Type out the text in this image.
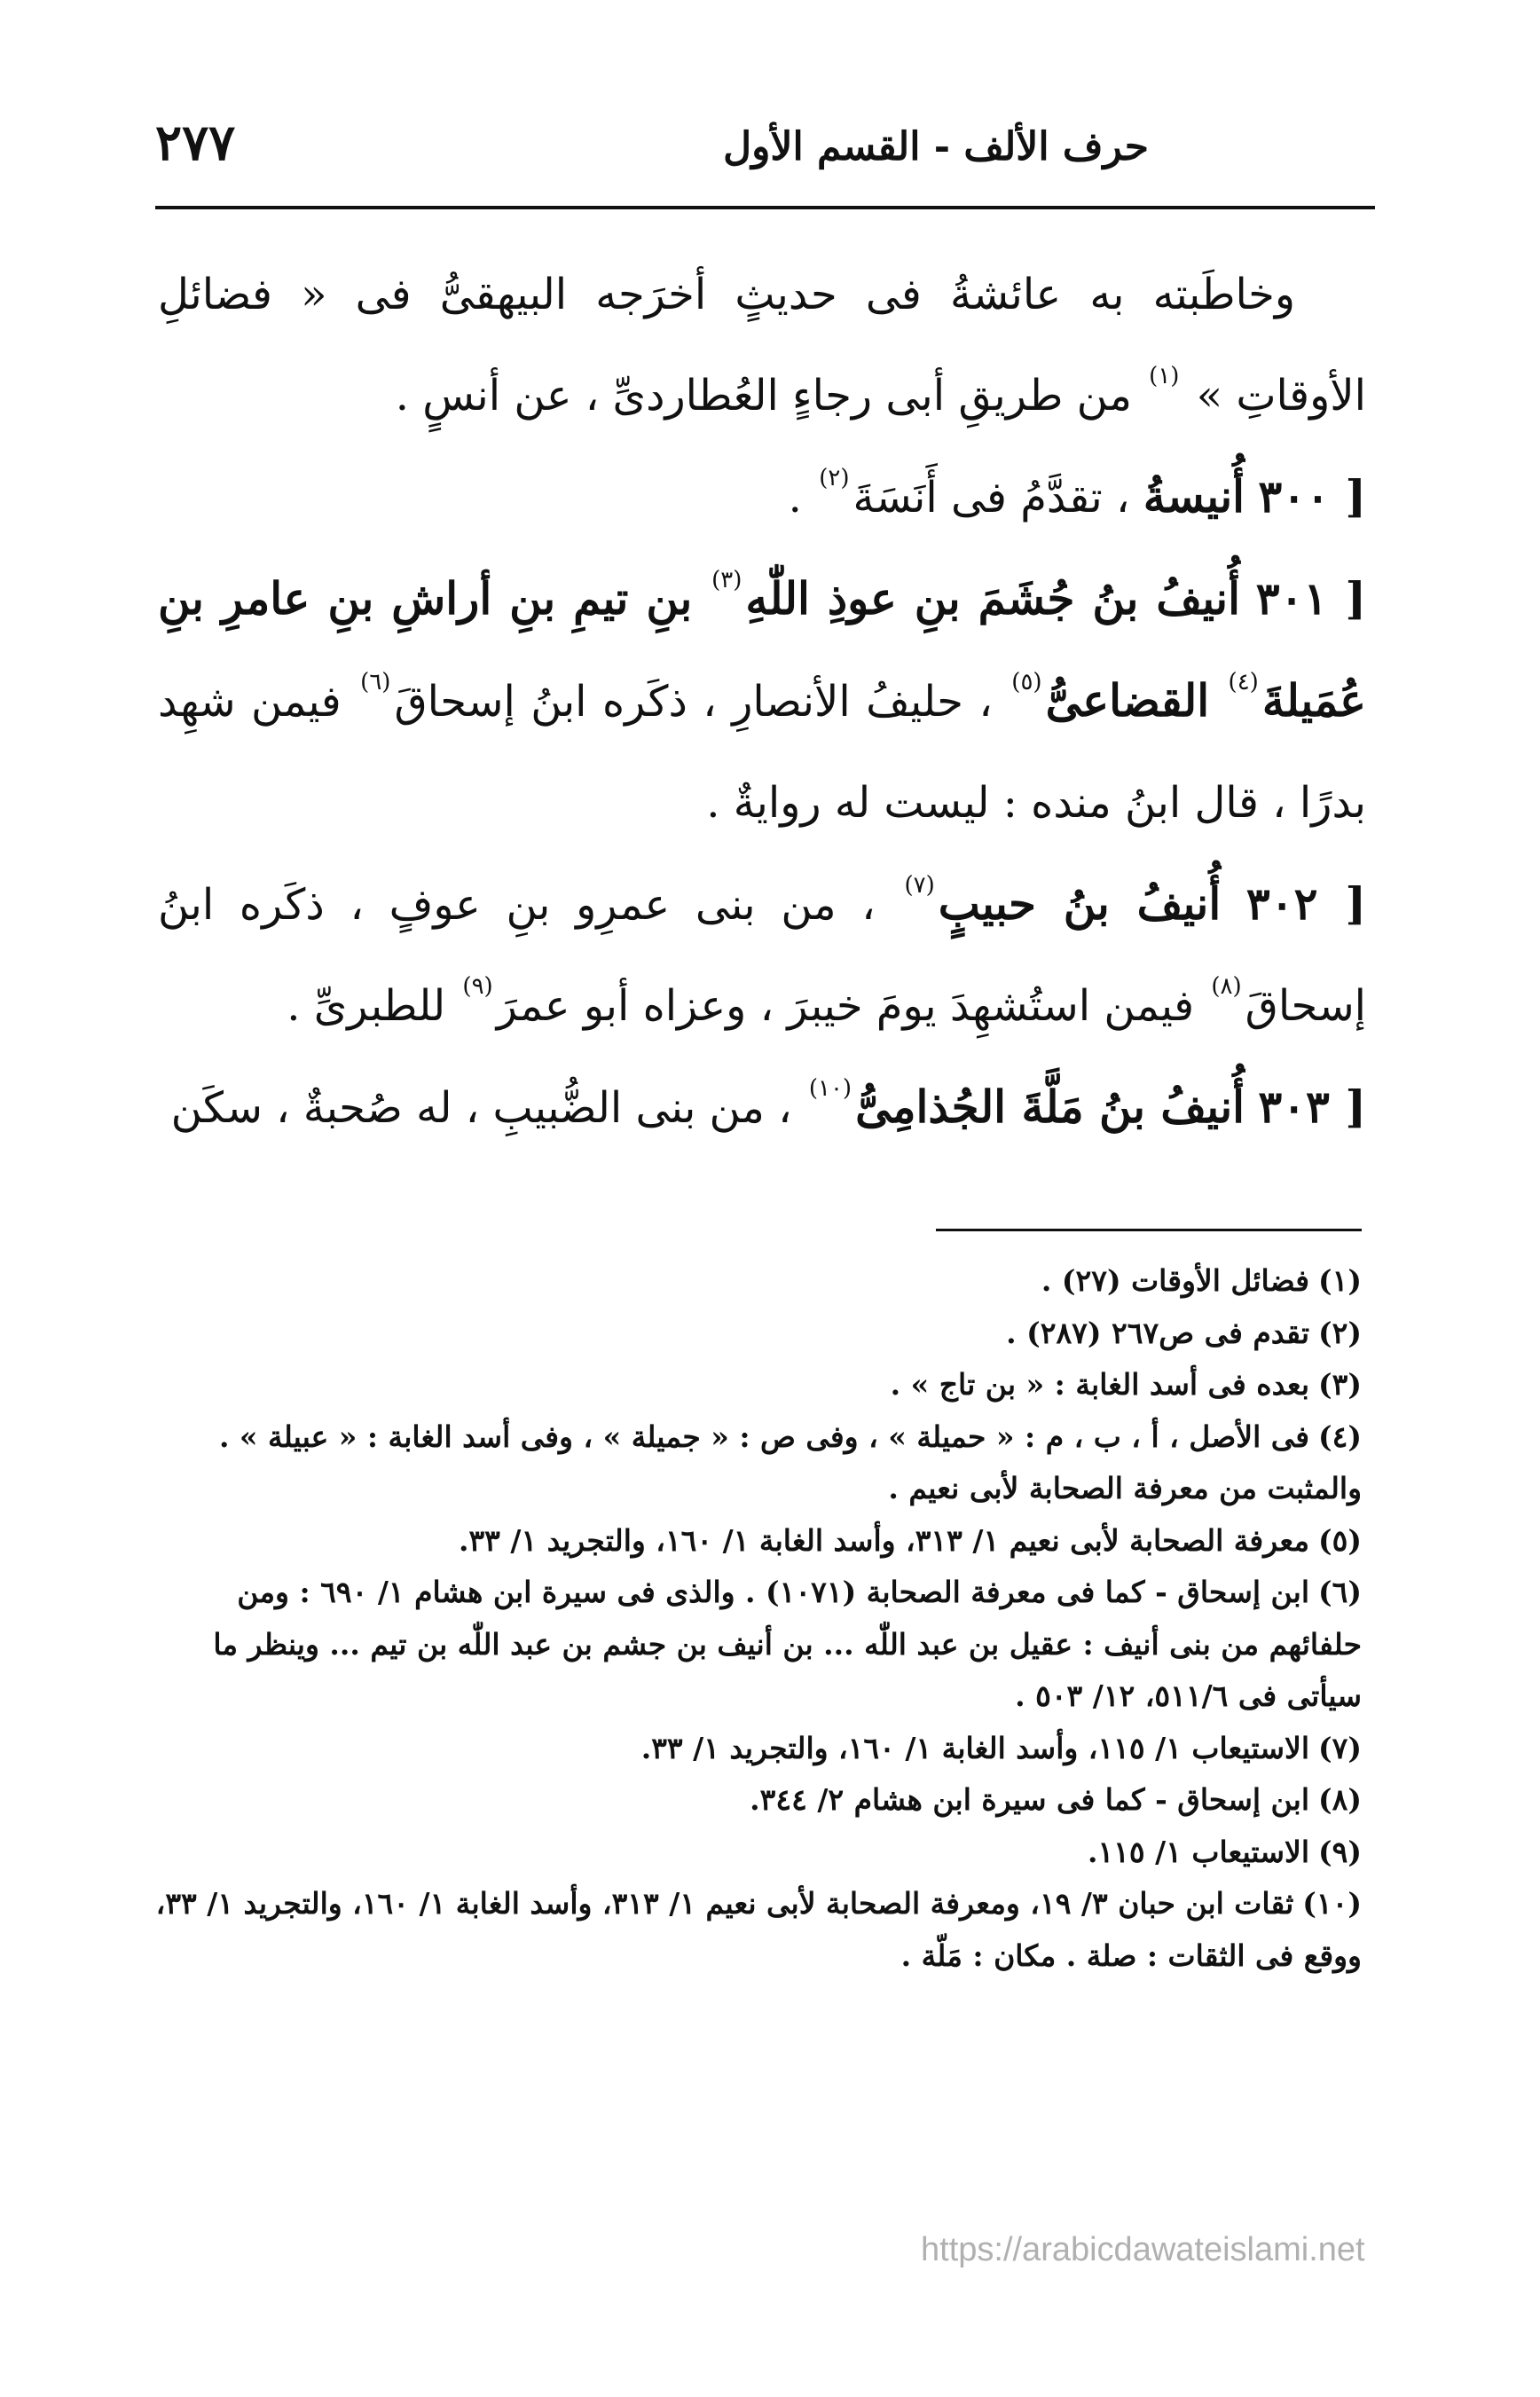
٢٧٧	حرف الألف - القسم الأول

وخاطَبته به عائشةُ فى حديثٍ أخرَجه البيهقىُّ فى « فضائلِ الأوقاتِ » $^{(١)}$ من طريقِ أبى رجاءٍ العُطاردىِّ ، عن أنسٍ .

[ ٣٠٠ أُنيسةُ ، تقدَّمُ فى أَنَسَةَ$^{(٢)}$ .

[ ٣٠١ أُنيفُ بنُ جُشَمَ بنِ عوذِ اللّٰهِ$^{(٣)}$ بنِ تيمِ بنِ أراشِ بنِ عامرِ بنِ عُمَيلةَ$^{(٤)}$ القضاعىُّ$^{(٥)}$ ، حليفُ الأنصارِ ، ذكَره ابنُ إسحاقَ$^{(٦)}$ فيمن شهِد بدرًا ، قال ابنُ منده : ليست له روايةٌ .

[ ٣٠٢ أُنيفُ بنُ حبيبٍ$^{(٧)}$ ، من بنى عمرِو بنِ عوفٍ ، ذكَره ابنُ إسحاقَ$^{(٨)}$ فيمن استُشهِدَ يومَ خيبرَ ، وعزاه أبو عمرَ$^{(٩)}$ للطبرىِّ .

[ ٣٠٣ أُنيفُ بنُ مَلَّةَ الجُذامِىُّ$^{(١٠)}$ ، من بنى الضُّبيبِ ، له صُحبةٌ ، سكَن

(١)فضائل الأوقات (٢٧) .

(٢)تقدم فى ص٢٦٧ (٢٨٧) .

(٣)بعده فى أسد الغابة : « بن تاج » .

(٤)فى الأصل ، أ ، ب ، م : « حميلة » ، وفى ص : « جميلة » ، وفى أسد الغابة : « عبيلة » . والمثبت من معرفة الصحابة لأبى نعيم .

(٥)معرفة الصحابة لأبى نعيم ١/ ٣١٣، وأسد الغابة ١/ ١٦٠، والتجريد ١/ ٣٣.

(٦)ابن إسحاق - كما فى معرفة الصحابة (١٠٧١) . والذى فى سيرة ابن هشام ١/ ٦٩٠ : ومن حلفائهم من بنى أنيف : عقيل بن عبد اللّٰه ... بن أنيف بن جشم بن عبد اللّٰه بن تيم ... وينظر ما سيأتى فى ٥١١/٦، ١٢/ ٥٠٣ .

(٧)الاستيعاب ١/ ١١٥، وأسد الغابة ١/ ١٦٠، والتجريد ١/ ٣٣.

(٨)ابن إسحاق - كما فى سيرة ابن هشام ٢/ ٣٤٤.

(٩)الاستيعاب ١/ ١١٥.

(١٠)ثقات ابن حبان ٣/ ١٩، ومعرفة الصحابة لأبى نعيم ١/ ٣١٣، وأسد الغابة ١/ ١٦٠، والتجريد ١/ ٣٣، ووقع فى الثقات : صلة . مكان : مَلّة .

https://arabicdawateislami.net
